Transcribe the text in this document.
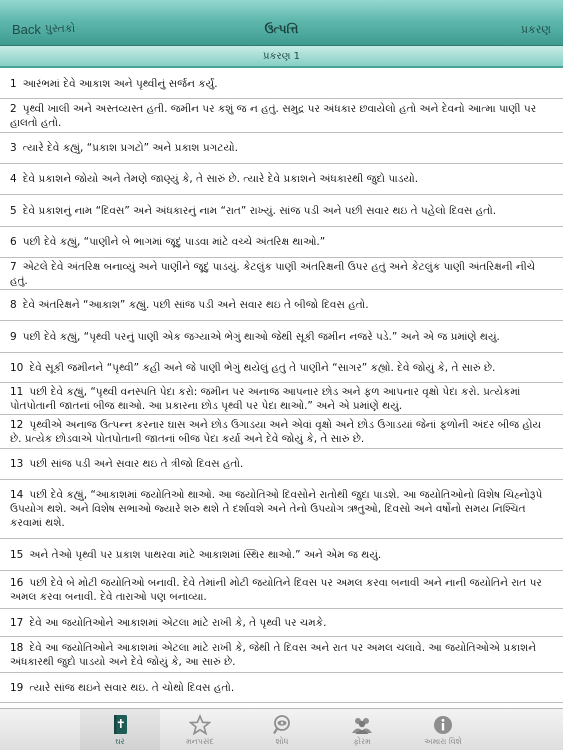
Back પુસ્તકો	ઉત્પત્તિ	પ્રકરણ
પ્રકરણ 1
1 આરંભમાં દેવે આકાશ અને પૃથ્વીનું સર્જન કર્યું.
2 પૃથ્વી ખાલી અને અસ્તવ્યસ્ત હતી. જમીન પર કશું જ ન હતું. સમુદ્ર પર અંધકાર છવાયેલો હતો અને દેવનો આત્મા પાણી પર હાલતો હતો.
3 ત્યારે દેવે કહ્યું, “પ્રકાશ પ્રગટો” અને પ્રકાશ પ્રગટયો.
4 દેવે પ્રકાશને જોયો અને તેમણે જાણ્યું કે, તે સારું છે. ત્યારે દેવે પ્રકાશને અંધકારથી જુદો પાડયો.
5 દેવે પ્રકાશનું નામ “દિવસ” અને અંધકારનું નામ “રાત” રાખ્યું. સાંજ પડી અને પછી સવાર થઇ તે પહેલો દિવસ હતો.
6 પછી દેવે કહ્યું, “પાણીને બે ભાગમાં જૂદું પાડવા માંટે વચ્ચે અંતરિક્ષ થાઓ.”
7 એટલે દેવે અંતરિક્ષ બનાવ્યું અને પાણીને જૂદું પાડયું. કેટલુંક પાણી અંતરિક્ષની ઉપર હતું અને કેટલુંક પાણી અંતરિક્ષની નીચે હતું.
8 દેવે અંતરિક્ષને “આકાશ” કહ્યું. પછી સાંજ પડી અને સવાર થઇ તે બીજો દિવસ હતો.
9 પછી દેવે કહ્યું, “પૃથ્વી પરનું પાણી એક જગ્યાએ ભેગું થાઓ જેથી સૂકી જમીન નજરે પડે.” અને એ જ પ્રમાંણે થયું.
10 દેવે સૂકી જમીનને “પૃથ્વી” કહી અને જે પાણી ભેગું થયેલું હતું તે પાણીને “સાગર” કહ્યો. દેવે જોયું કે, તે સારું છે.
11 પછી દેવે કહ્યું, “પૃથ્વી વનસ્પતિ પેદા કરો: જમીન પર અનાજ આપનાર છોડ અને ફળ આપનાર વૃક્ષો પેદા કરો. પ્રત્યેકમાં પોતપોતાની જાતનાં બીજ થાઓ. આ પ્રકારના છોડ પૃથ્વી પર પેદા થાઓ.” અને એ પ્રમાંણે થયું.
12 પૃથ્વીએ અનાજ ઉત્પન્ન કરનાર ઘાસ અને છોડ ઉગાડયા અને એવાં વૃક્ષો અને છોડ ઉગાડયાં જેનાં ફળોની અંદર બીજ હોય છે. પ્રત્યેક છોડવાએ પોતપોતાની જાતનાં બીજ પેદા કર્યા અને દેવે જોયું કે, તે સારું છે.
13 પછી સાંજ પડી અને સવાર થઇ તે ત્રીજો દિવસ હતો.
14 પછી દેવે કહ્યું, “આકાશમાં જયોતિઓ થાઓ. આ જયોતિઓ દિવસોને રાતોથી જુદા પાડશે. આ જયોતિઓનો વિશેષ ચિહ્નોરૂપે ઉપયોગ થશે. અને વિશેષ સભાઓ જ્યારે શરુ થશે તે દર્શાવશે અને તેનો ઉપયોગ ઋતુઓ, દિવસો અને વર્ષોનો સમય નિશ્ચિત કરવામાં થશે.
15 અને તેઓ પૃથ્વી પર પ્રકાશ પાથરવા માંટે આકાશમાં સ્થિર થાઓ.” અને એમ જ થયું.
16 પછી દેવે બે મોટી જયોતિઓ બનાવી. દેવે તેમાંની મોટી જયોતિને દિવસ પર અમલ કરવા બનાવી અને નાની જયોતિને રાત પર અમલ કરવા બનાવી. દેવે તારાઓ પણ બનાવ્યા.
17 દેવે આ જયોતિઓને આકાશમાં એટલા માંટે રાખી કે, તે પૃથ્વી પર ચમકે.
18 દેવે આ જયોતિઓને આકાશમાં એટલા માંટે રાખી કે, જેથી તે દિવસ અને રાત પર અમલ ચલાવે. આ જયોતિઓએ પ્રકાશને અંધકારથી જુદો પાડયો અને દેવે જોયું કે, આ સારું છે.
19 ત્યારે સાંજ થઇને સવાર થઇ. તે ચોથો દિવસ હતો.
ઘર	મનપસંદ	શોધ	ફોરમ	અમારા વિશે
